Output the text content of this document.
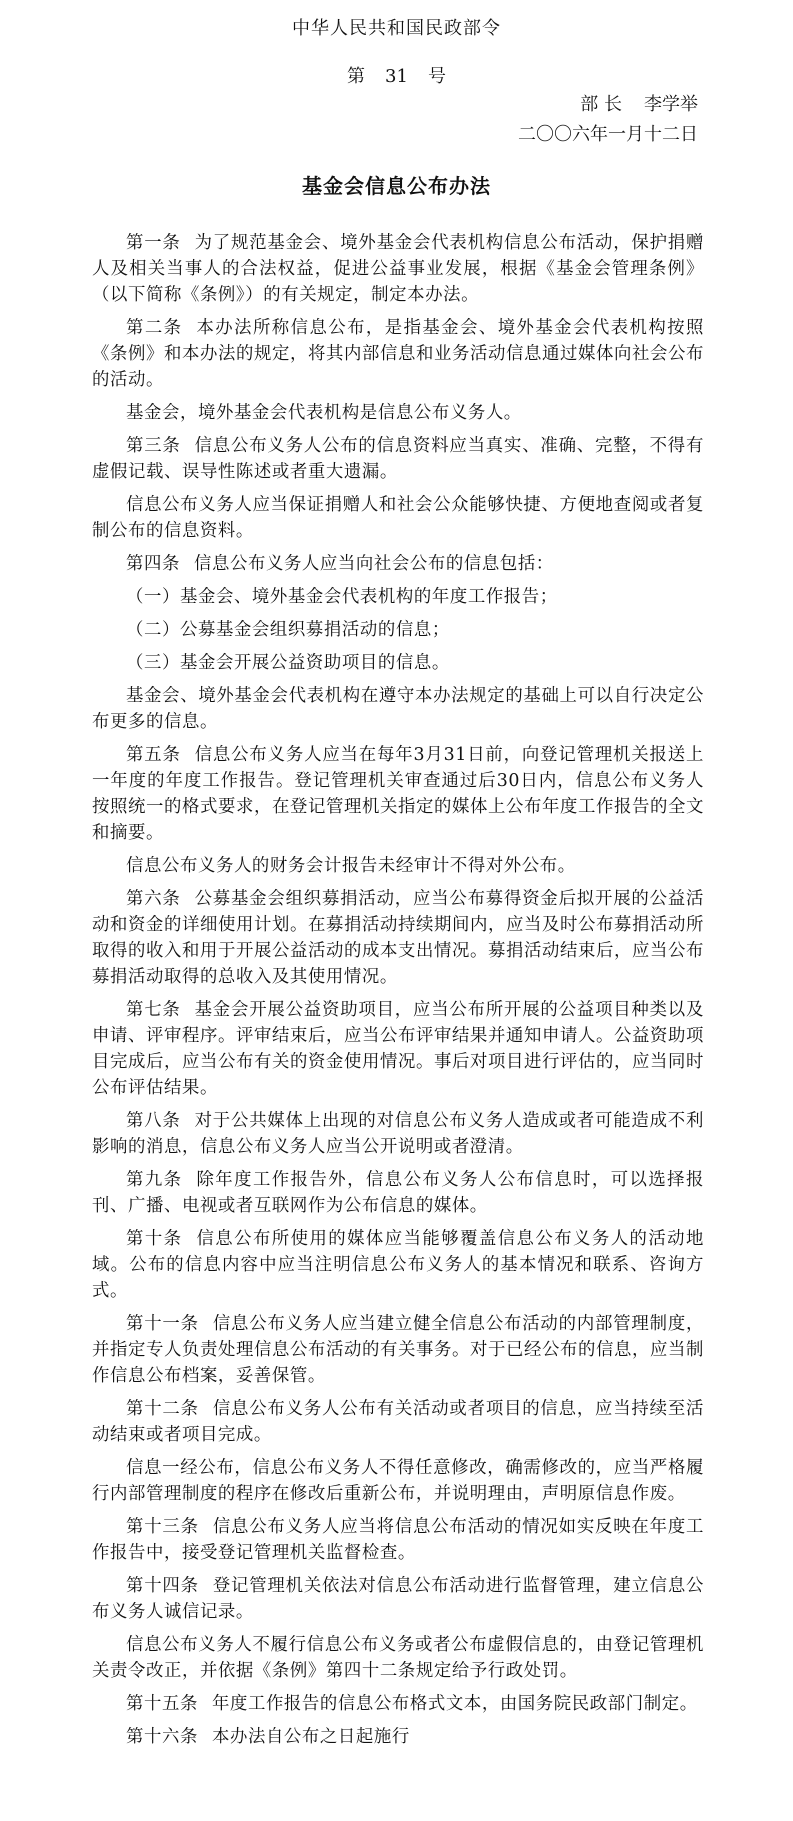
中华人民共和国民政部令
第 31 号
部 长 李学举
二〇〇六年一月十二日
基金会信息公布办法

第一条 为了规范基金会、境外基金会代表机构信息公布活动，保护捐赠人及相关当事人的合法权益，促进公益事业发展，根据《基金会管理条例》（以下简称《条例》）的有关规定，制定本办法。

第二条 本办法所称信息公布，是指基金会、境外基金会代表机构按照《条例》和本办法的规定，将其内部信息和业务活动信息通过媒体向社会公布的活动。

基金会，境外基金会代表机构是信息公布义务人。

第三条 信息公布义务人公布的信息资料应当真实、准确、完整，不得有虚假记载、误导性陈述或者重大遗漏。

信息公布义务人应当保证捐赠人和社会公众能够快捷、方便地查阅或者复制公布的信息资料。

第四条 信息公布义务人应当向社会公布的信息包括：

（一）基金会、境外基金会代表机构的年度工作报告；

（二）公募基金会组织募捐活动的信息；

（三）基金会开展公益资助项目的信息。

基金会、境外基金会代表机构在遵守本办法规定的基础上可以自行决定公布更多的信息。

第五条 信息公布义务人应当在每年3月31日前，向登记管理机关报送上一年度的年度工作报告。登记管理机关审查通过后30日内，信息公布义务人按照统一的格式要求，在登记管理机关指定的媒体上公布年度工作报告的全文和摘要。

信息公布义务人的财务会计报告未经审计不得对外公布。

第六条 公募基金会组织募捐活动，应当公布募得资金后拟开展的公益活动和资金的详细使用计划。在募捐活动持续期间内，应当及时公布募捐活动所取得的收入和用于开展公益活动的成本支出情况。募捐活动结束后，应当公布募捐活动取得的总收入及其使用情况。

第七条 基金会开展公益资助项目，应当公布所开展的公益项目种类以及申请、评审程序。评审结束后，应当公布评审结果并通知申请人。公益资助项目完成后，应当公布有关的资金使用情况。事后对项目进行评估的，应当同时公布评估结果。

第八条 对于公共媒体上出现的对信息公布义务人造成或者可能造成不利影响的消息，信息公布义务人应当公开说明或者澄清。

第九条 除年度工作报告外，信息公布义务人公布信息时，可以选择报刊、广播、电视或者互联网作为公布信息的媒体。

第十条 信息公布所使用的媒体应当能够覆盖信息公布义务人的活动地域。公布的信息内容中应当注明信息公布义务人的基本情况和联系、咨询方式。

第十一条 信息公布义务人应当建立健全信息公布活动的内部管理制度，并指定专人负责处理信息公布活动的有关事务。对于已经公布的信息，应当制作信息公布档案，妥善保管。

第十二条 信息公布义务人公布有关活动或者项目的信息，应当持续至活动结束或者项目完成。

信息一经公布，信息公布义务人不得任意修改，确需修改的，应当严格履行内部管理制度的程序在修改后重新公布，并说明理由，声明原信息作废。

第十三条 信息公布义务人应当将信息公布活动的情况如实反映在年度工作报告中，接受登记管理机关监督检查。

第十四条 登记管理机关依法对信息公布活动进行监督管理，建立信息公布义务人诚信记录。

信息公布义务人不履行信息公布义务或者公布虚假信息的，由登记管理机关责令改正，并依据《条例》第四十二条规定给予行政处罚。

第十五条 年度工作报告的信息公布格式文本，由国务院民政部门制定。

第十六条 本办法自公布之日起施行
